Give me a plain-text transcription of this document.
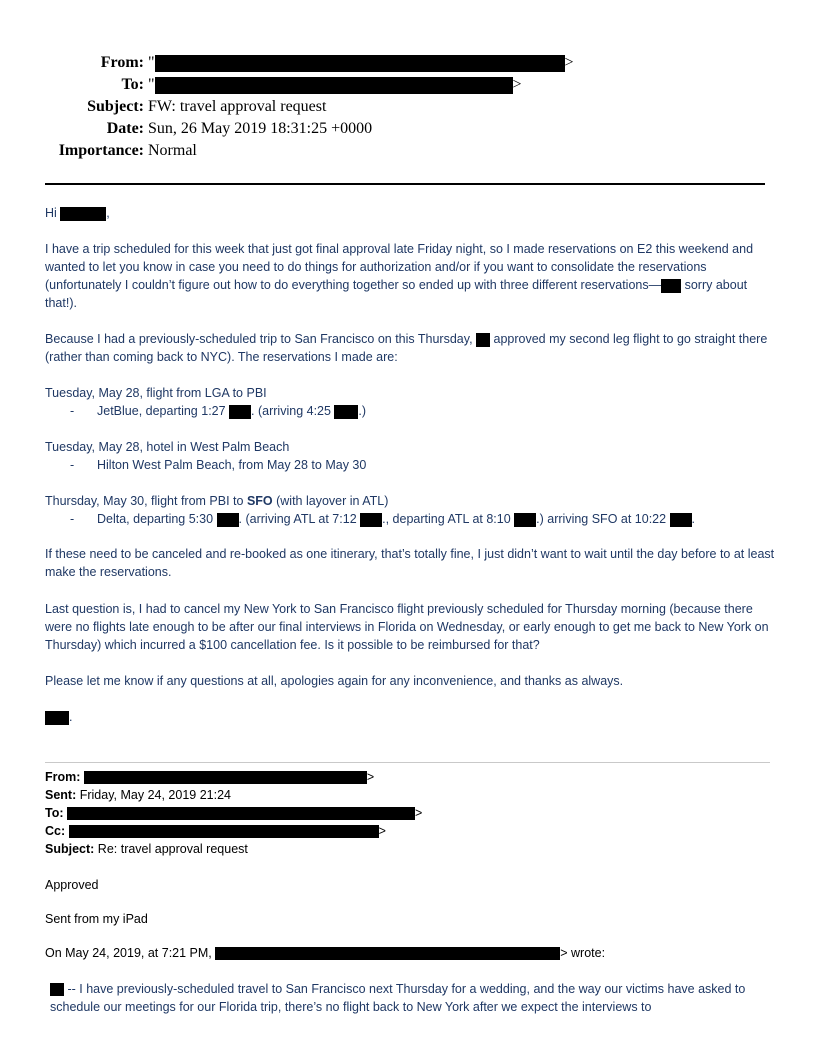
From: "	>
To: "	>
Subject: FW: travel approval request
Date: Sun, 26 May 2019 18:31:25 +0000
Importance: Normal
Hi	,
I have a trip scheduled for this week that just got final approval late Friday night, so I made reservations on E2 this weekend and wanted to let you know in case you need to do things for authorization and/or if you want to consolidate the reservations (unfortunately I couldn’t figure out how to do everything together so ended up with three different reservations— sorry about that!).
Because I had a previously-scheduled trip to San Francisco on this Thursday,  approved my second leg flight to go straight there (rather than coming back to NYC). The reservations I made are:
Tuesday, May 28, flight from LGA to PBI
- JetBlue, departing 1:27 . (arriving 4:25 .)
Tuesday, May 28, hotel in West Palm Beach
- Hilton West Palm Beach, from May 28 to May 30
Thursday, May 30, flight from PBI to SFO (with layover in ATL)
- Delta, departing 5:30 . (arriving ATL at 7:12 ., departing ATL at 8:10 .) arriving SFO at 10:22 .
If these need to be canceled and re-booked as one itinerary, that’s totally fine, I just didn’t want to wait until the day before to at least make the reservations.
Last question is, I had to cancel my New York to San Francisco flight previously scheduled for Thursday morning (because there were no flights late enough to be after our final interviews in Florida on Wednesday, or early enough to get me back to New York on Thursday) which incurred a $100 cancellation fee. Is it possible to be reimbursed for that?
Please let me know if any questions at all, apologies again for any inconvenience, and thanks as always.
.
From:	>
Sent: Friday, May 24, 2019 21:24
To:	>
Cc:	>
Subject: Re: travel approval request
Approved
Sent from my iPad
On May 24, 2019, at 7:21 PM,	> wrote:
-- I have previously-scheduled travel to San Francisco next Thursday for a wedding, and the way our victims have asked to schedule our meetings for our Florida trip, there’s no flight back to New York after we expect the interviews to
